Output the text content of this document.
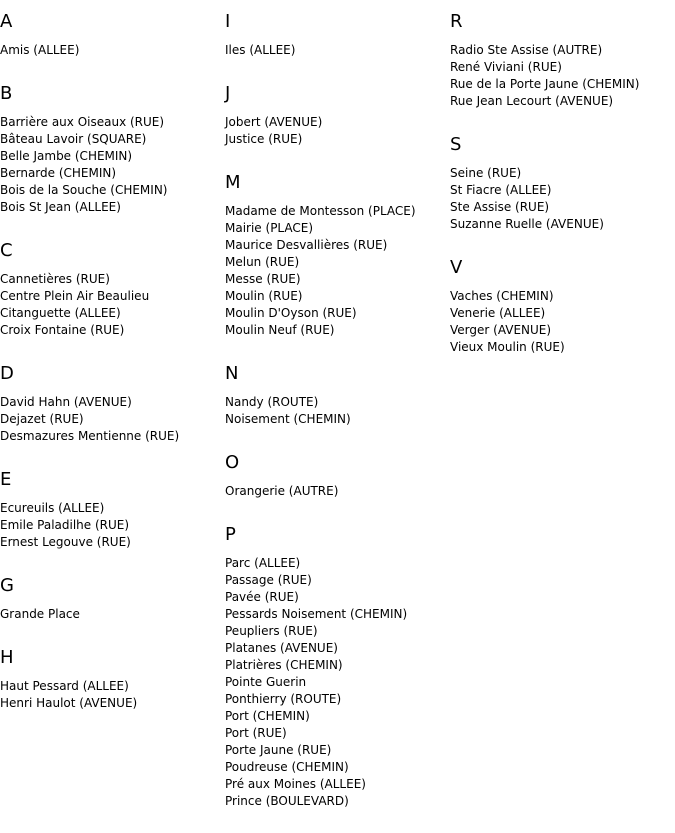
A
Amis (ALLEE)
B
Barrière aux Oiseaux (RUE)
Bâteau Lavoir (SQUARE)
Belle Jambe (CHEMIN)
Bernarde (CHEMIN)
Bois de la Souche (CHEMIN)
Bois St Jean (ALLEE)
C
Cannetières (RUE)
Centre Plein Air Beaulieu
Citanguette (ALLEE)
Croix Fontaine (RUE)
D
David Hahn (AVENUE)
Dejazet (RUE)
Desmazures Mentienne (RUE)
E
Ecureuils (ALLEE)
Emile Paladilhe (RUE)
Ernest Legouve (RUE)
G
Grande Place
H
Haut Pessard (ALLEE)
Henri Haulot (AVENUE)
I
Iles (ALLEE)
J
Jobert (AVENUE)
Justice (RUE)
M
Madame de Montesson (PLACE)
Mairie (PLACE)
Maurice Desvallières (RUE)
Melun (RUE)
Messe (RUE)
Moulin (RUE)
Moulin D'Oyson (RUE)
Moulin Neuf (RUE)
N
Nandy (ROUTE)
Noisement (CHEMIN)
O
Orangerie (AUTRE)
P
Parc (ALLEE)
Passage (RUE)
Pavée (RUE)
Pessards Noisement (CHEMIN)
Peupliers (RUE)
Platanes (AVENUE)
Platrières (CHEMIN)
Pointe Guerin
Ponthierry (ROUTE)
Port (CHEMIN)
Port (RUE)
Porte Jaune (RUE)
Poudreuse (CHEMIN)
Pré aux Moines (ALLEE)
Prince (BOULEVARD)
R
Radio Ste Assise (AUTRE)
René Viviani (RUE)
Rue de la Porte Jaune (CHEMIN)
Rue Jean Lecourt (AVENUE)
S
Seine (RUE)
St Fiacre (ALLEE)
Ste Assise (RUE)
Suzanne Ruelle (AVENUE)
V
Vaches (CHEMIN)
Venerie (ALLEE)
Verger (AVENUE)
Vieux Moulin (RUE)
